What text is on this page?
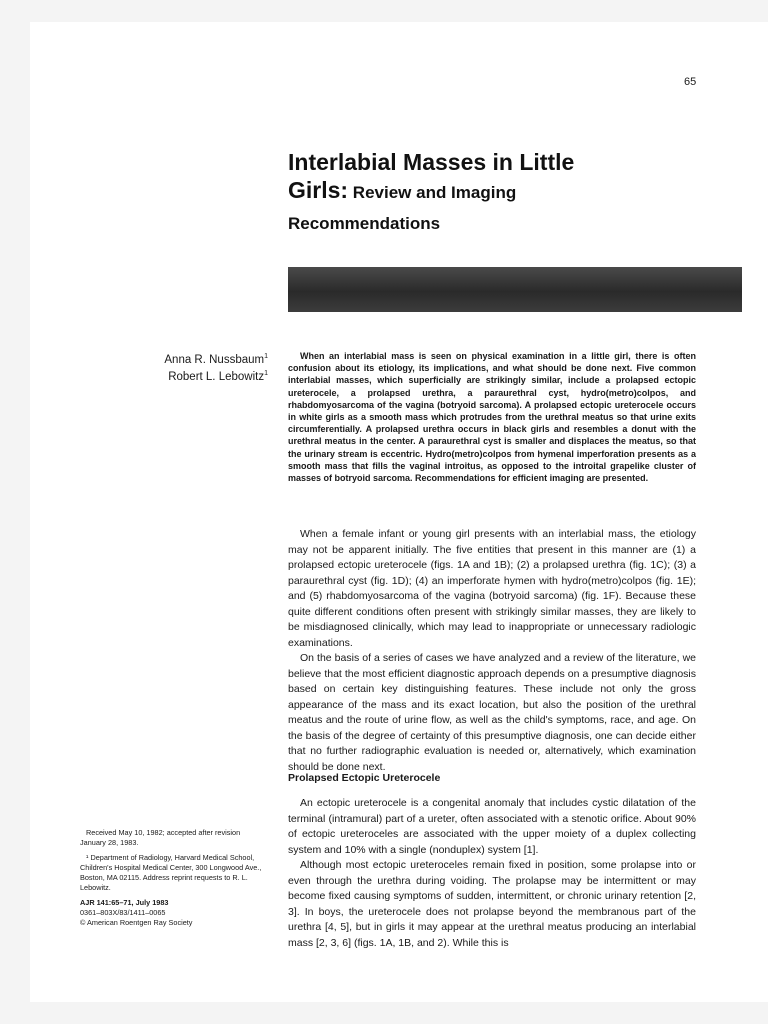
65
Interlabial Masses in Little
Girls: Review and Imaging
Recommendations
Anna R. Nussbaum$^1$
Robert L. Lebowitz$^1$

When an interlabial mass is seen on physical examination in a little girl, there is often confusion about its etiology, its implications, and what should be done next. Five common interlabial masses, which superficially are strikingly similar, include a prolapsed ectopic ureterocele, a prolapsed urethra, a paraurethral cyst, hydro(metro)colpos, and rhabdomyosarcoma of the vagina (botryoid sarcoma). A prolapsed ectopic ureterocele occurs in white girls as a smooth mass which protrudes from the urethral meatus so that urine exits circumferentially. A prolapsed urethra occurs in black girls and resembles a donut with the urethral meatus in the center. A paraurethral cyst is smaller and displaces the meatus, so that the urinary stream is eccentric. Hydro(metro)colpos from hymenal imperforation presents as a smooth mass that fills the vaginal introitus, as opposed to the introital grapelike cluster of masses of botryoid sarcoma. Recommendations for efficient imaging are presented.

When a female infant or young girl presents with an interlabial mass, the etiology may not be apparent initially. The five entities that present in this manner are (1) a prolapsed ectopic ureterocele (figs. 1A and 1B); (2) a prolapsed urethra (fig. 1C); (3) a paraurethral cyst (fig. 1D); (4) an imperforate hymen with hydro(metro)colpos (fig. 1E); and (5) rhabdomyosarcoma of the vagina (botryoid sarcoma) (fig. 1F). Because these quite different conditions often present with strikingly similar masses, they are likely to be misdiagnosed clinically, which may lead to inappropriate or unnecessary radiologic examinations.

On the basis of a series of cases we have analyzed and a review of the literature, we believe that the most efficient diagnostic approach depends on a presumptive diagnosis based on certain key distinguishing features. These include not only the gross appearance of the mass and its exact location, but also the position of the urethral meatus and the route of urine flow, as well as the child's symptoms, race, and age. On the basis of the degree of certainty of this presumptive diagnosis, one can decide either that no further radiographic evaluation is needed or, alternatively, which examination should be done next.

Prolapsed Ectopic Ureterocele

An ectopic ureterocele is a congenital anomaly that includes cystic dilatation of the terminal (intramural) part of a ureter, often associated with a stenotic orifice. About 90% of ectopic ureteroceles are associated with the upper moiety of a duplex collecting system and 10% with a single (nonduplex) system [1].

Although most ectopic ureteroceles remain fixed in position, some prolapse into or even through the urethra during voiding. The prolapse may be intermittent or may become fixed causing symptoms of sudden, intermittent, or chronic urinary retention [2, 3]. In boys, the ureterocele does not prolapse beyond the membranous part of the urethra [4, 5], but in girls it may appear at the urethral meatus producing an interlabial mass [2, 3, 6] (figs. 1A, 1B, and 2). While this is

Received May 10, 1982; accepted after revision January 28, 1983.

¹ Department of Radiology, Harvard Medical School, Children's Hospital Medical Center, 300 Longwood Ave., Boston, MA 02115. Address reprint requests to R. L. Lebowitz.

AJR 141:65–71, July 1983
0361–803X/83/1411–0065
© American Roentgen Ray Society
